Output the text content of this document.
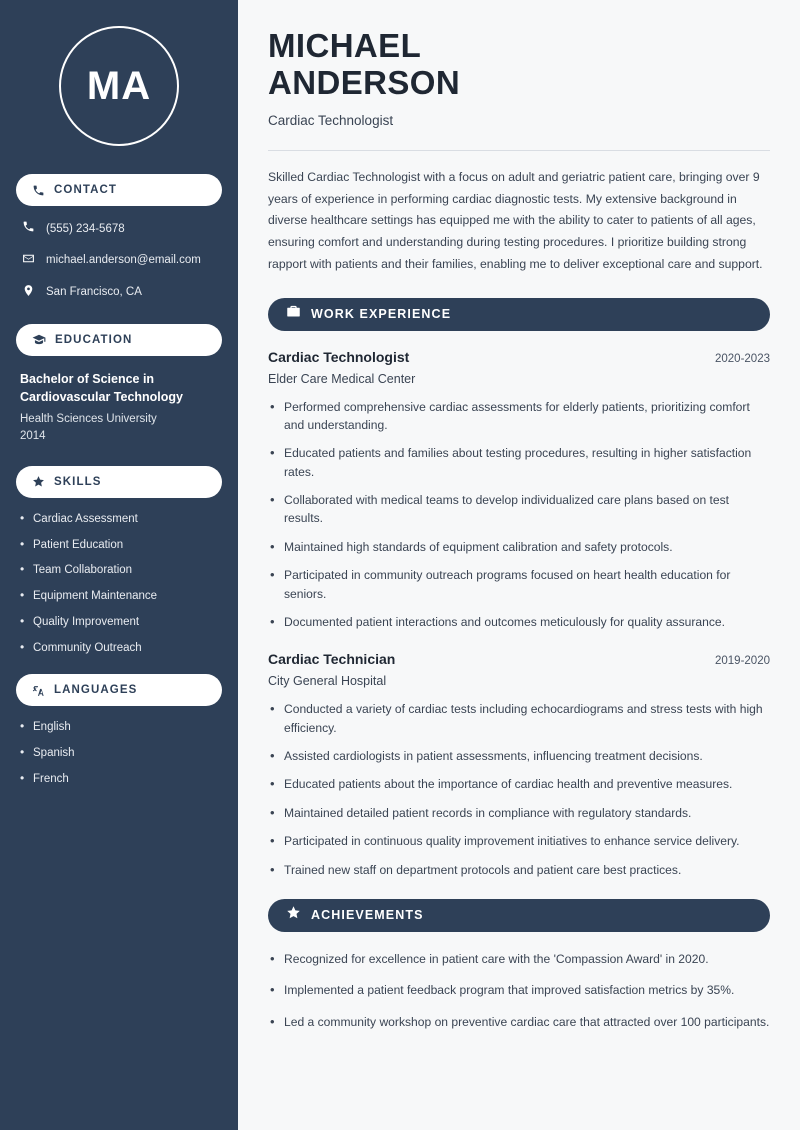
MA
CONTACT
(555) 234-5678
michael.anderson@email.com
San Francisco, CA
EDUCATION
Bachelor of Science in Cardiovascular Technology
Health Sciences University
2014
SKILLS
• Cardiac Assessment
• Patient Education
• Team Collaboration
• Equipment Maintenance
• Quality Improvement
• Community Outreach
LANGUAGES
• English
• Spanish
• French
MICHAEL
ANDERSON
Cardiac Technologist

Skilled Cardiac Technologist with a focus on adult and geriatric patient care, bringing over 9 years of experience in performing cardiac diagnostic tests. My extensive background in diverse healthcare settings has equipped me with the ability to cater to patients of all ages, ensuring comfort and understanding during testing procedures. I prioritize building strong rapport with patients and their families, enabling me to deliver exceptional care and support.

WORK EXPERIENCE
Cardiac Technologist	2020-2023
Elder Care Medical Center
• Performed comprehensive cardiac assessments for elderly patients, prioritizing comfort and understanding.
• Educated patients and families about testing procedures, resulting in higher satisfaction rates.
• Collaborated with medical teams to develop individualized care plans based on test results.
• Maintained high standards of equipment calibration and safety protocols.
• Participated in community outreach programs focused on heart health education for seniors.
• Documented patient interactions and outcomes meticulously for quality assurance.
Cardiac Technician	2019-2020
City General Hospital
• Conducted a variety of cardiac tests including echocardiograms and stress tests with high efficiency.
• Assisted cardiologists in patient assessments, influencing treatment decisions.
• Educated patients about the importance of cardiac health and preventive measures.
• Maintained detailed patient records in compliance with regulatory standards.
• Participated in continuous quality improvement initiatives to enhance service delivery.
• Trained new staff on department protocols and patient care best practices.
ACHIEVEMENTS
• Recognized for excellence in patient care with the 'Compassion Award' in 2020.
• Implemented a patient feedback program that improved satisfaction metrics by 35%.
• Led a community workshop on preventive cardiac care that attracted over 100 participants.
